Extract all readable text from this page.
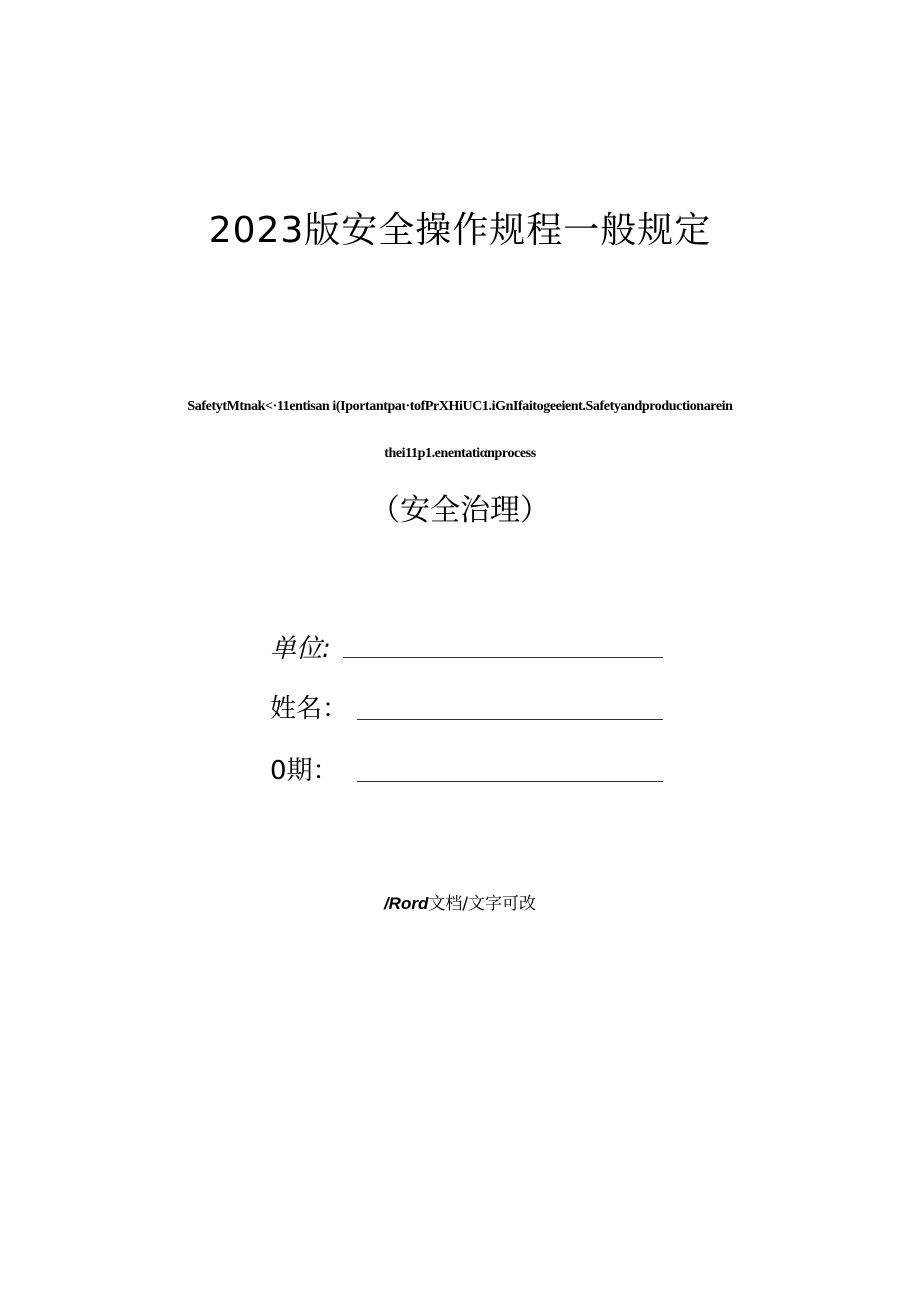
2023版安全操作规程一般规定
SafetytMtnak<·11entisan i(Iportantpaι·tofPrXHiUC1.iGnIfaitogeeient.Safetyandproductionarein
thei11p1.enentatiαnprocess
（安全治理）
单位:
姓名：
0期：
/Rord文档/文字可改
